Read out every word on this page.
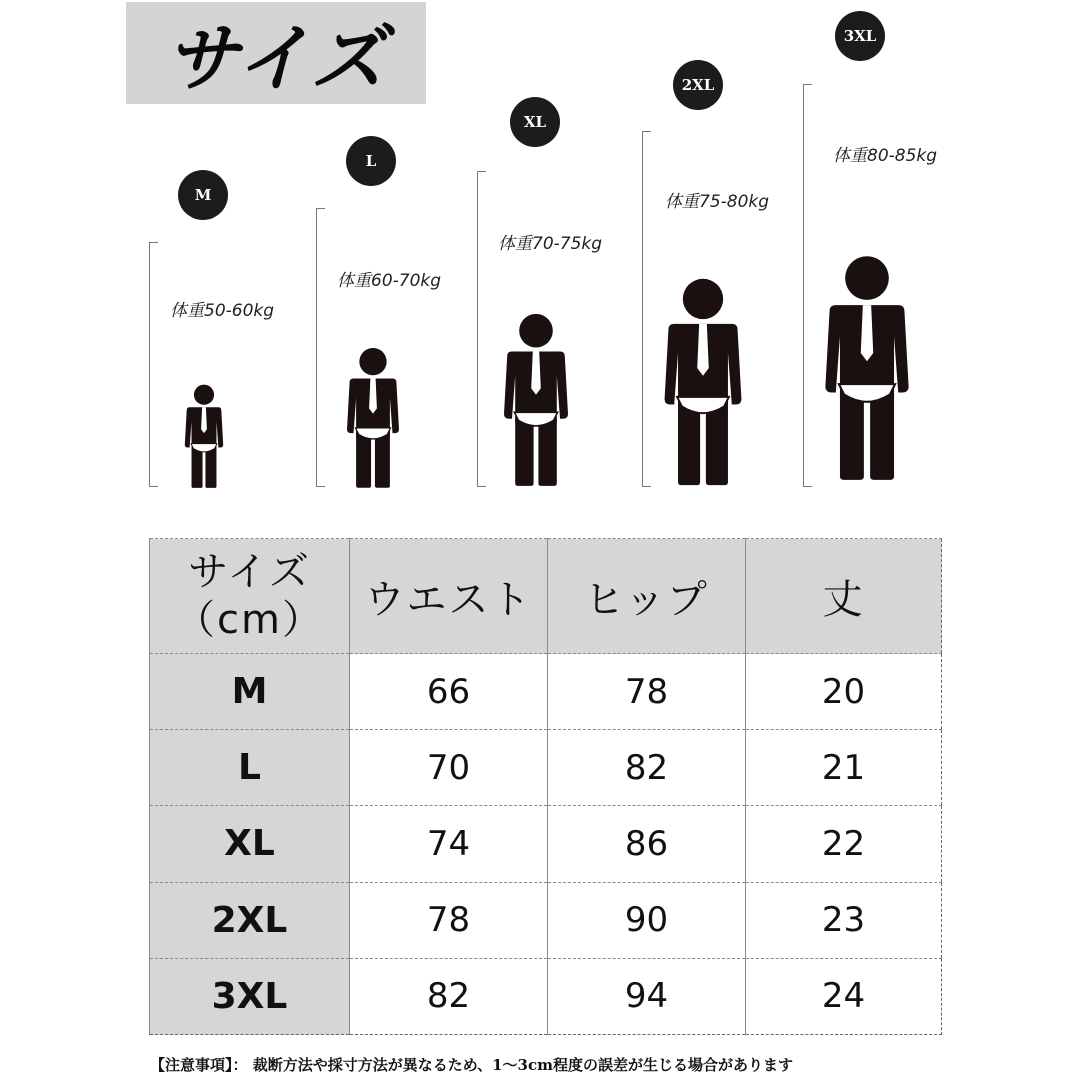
サイズ
M
体重50-60kg
L
体重60-70kg
XL
体重70-75kg
2XL
体重75-80kg
3XL
体重80-85kg
サイズ
（cm）	ウエスト	ヒップ	丈
M	66	78	20
L	70	82	21
XL	74	86	22
2XL	78	90	23
3XL	82	94	24
【注意事項】： 裁断方法や採寸方法が異なるため、1～3cm程度の誤差が生じる場合があります
